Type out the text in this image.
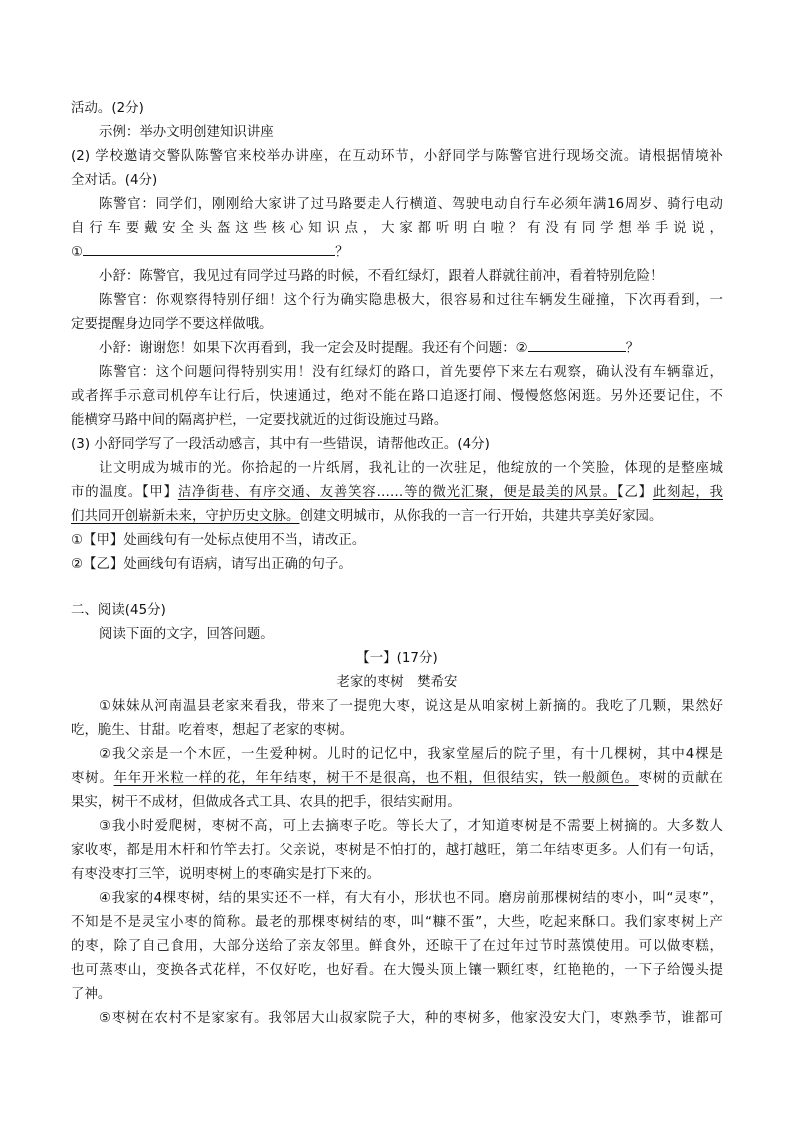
活动。(2分)
示例：举办文明创建知识讲座
(2) 学校邀请交警队陈警官来校举办讲座，在互动环节，小舒同学与陈警官进行现场交流。请根据情境补
全对话。(4分)
陈警官：同学们，刚刚给大家讲了过马路要走人行横道、驾驶电动自行车必须年满16周岁、骑行电动
自行车要戴安全头盔这些核心知识点，大家都听明白啦？有没有同学想举手说说，
①	？
小舒：陈警官，我见过有同学过马路的时候，不看红绿灯，跟着人群就往前冲，看着特别危险！
陈警官：你观察得特别仔细！这个行为确实隐患极大，很容易和过往车辆发生碰撞，下次再看到，一
定要提醒身边同学不要这样做哦。
小舒：谢谢您！如果下次再看到，我一定会及时提醒。我还有个问题：②	？
陈警官：这个问题问得特别实用！没有红绿灯的路口，首先要停下来左右观察，确认没有车辆靠近，
或者挥手示意司机停车让行后，快速通过，绝对不能在路口追逐打闹、慢慢悠悠闲逛。另外还要记住，不
能横穿马路中间的隔离护栏，一定要找就近的过街设施过马路。
(3) 小舒同学写了一段活动感言，其中有一些错误，请帮他改正。(4分)
让文明成为城市的光。你拾起的一片纸屑，我礼让的一次驻足，他绽放的一个笑脸，体现的是整座城
市的温度。【甲】洁净街巷、有序交通、友善笑容……等的微光汇聚，便是最美的风景。【乙】此刻起，我
们共同开创崭新未来，守护历史文脉。创建文明城市，从你我的一言一行开始，共建共享美好家园。
①【甲】处画线句有一处标点使用不当，请改正。
②【乙】处画线句有语病，请写出正确的句子。
二、阅读(45分)
阅读下面的文字，回答问题。
【一】(17分)
老家的枣树　樊希安
①妹妹从河南温县老家来看我，带来了一提兜大枣，说这是从咱家树上新摘的。我吃了几颗，果然好
吃，脆生、甘甜。吃着枣，想起了老家的枣树。
②我父亲是一个木匠，一生爱种树。儿时的记忆中，我家堂屋后的院子里，有十几棵树，其中4棵是
枣树。年年开米粒一样的花，年年结枣，树干不是很高，也不粗，但很结实，铁一般颜色。枣树的贡献在
果实，树干不成材，但做成各式工具、农具的把手，很结实耐用。
③我小时爱爬树，枣树不高，可上去摘枣子吃。等长大了，才知道枣树是不需要上树摘的。大多数人
家收枣，都是用木杆和竹竿去打。父亲说，枣树是不怕打的，越打越旺，第二年结枣更多。人们有一句话，
有枣没枣打三竿，说明枣树上的枣确实是打下来的。
④我家的4棵枣树，结的果实还不一样，有大有小，形状也不同。磨房前那棵树结的枣小，叫“灵枣”，
不知是不是灵宝小枣的简称。最老的那棵枣树结的枣，叫“糠不蛋”，大些，吃起来酥口。我们家枣树上产
的枣，除了自己食用，大部分送给了亲友邻里。鲜食外，还晾干了在过年过节时蒸馍使用。可以做枣糕，
也可蒸枣山，变换各式花样，不仅好吃，也好看。在大馒头顶上镶一颗红枣，红艳艳的，一下子给馒头提
了神。
⑤枣树在农村不是家家有。我邻居大山叔家院子大，种的枣树多，他家没安大门，枣熟季节，谁都可
